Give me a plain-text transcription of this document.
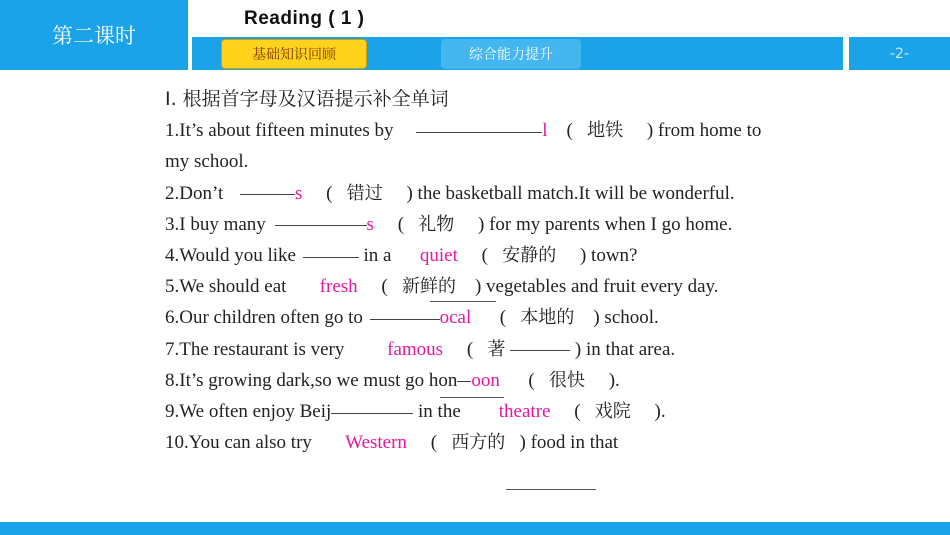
第二课时
Reading ( 1 )
基础知识回顾	综合能力提升	-2-
Ⅰ. 根据首字母及汉语提示补全单词
1.It’s about fifteen minutes by	l    (   地铁 ) from home to my school.
2.Don’t	s     (   错过 ) the basketball match.It will be wonderful.
3.I buy many	s     (   礼物 ) for my parents when I go home.
4.Would you like	in a quiet     (   安静的 ) town?
5.We should eat fresh     (   新鲜的 ) vegetables and fruit every day.
6.Our children often go to	ocal      (   本地的 ) school.
7.The restaurant is very famous     (   著	) in that area.
8.It’s growing dark,so we must go hon oon      (   很快 ).
9.We often enjoy Beij	in the theatre     (   戏院 ).
10.You can also try Western     (   西方的 ) food in that
